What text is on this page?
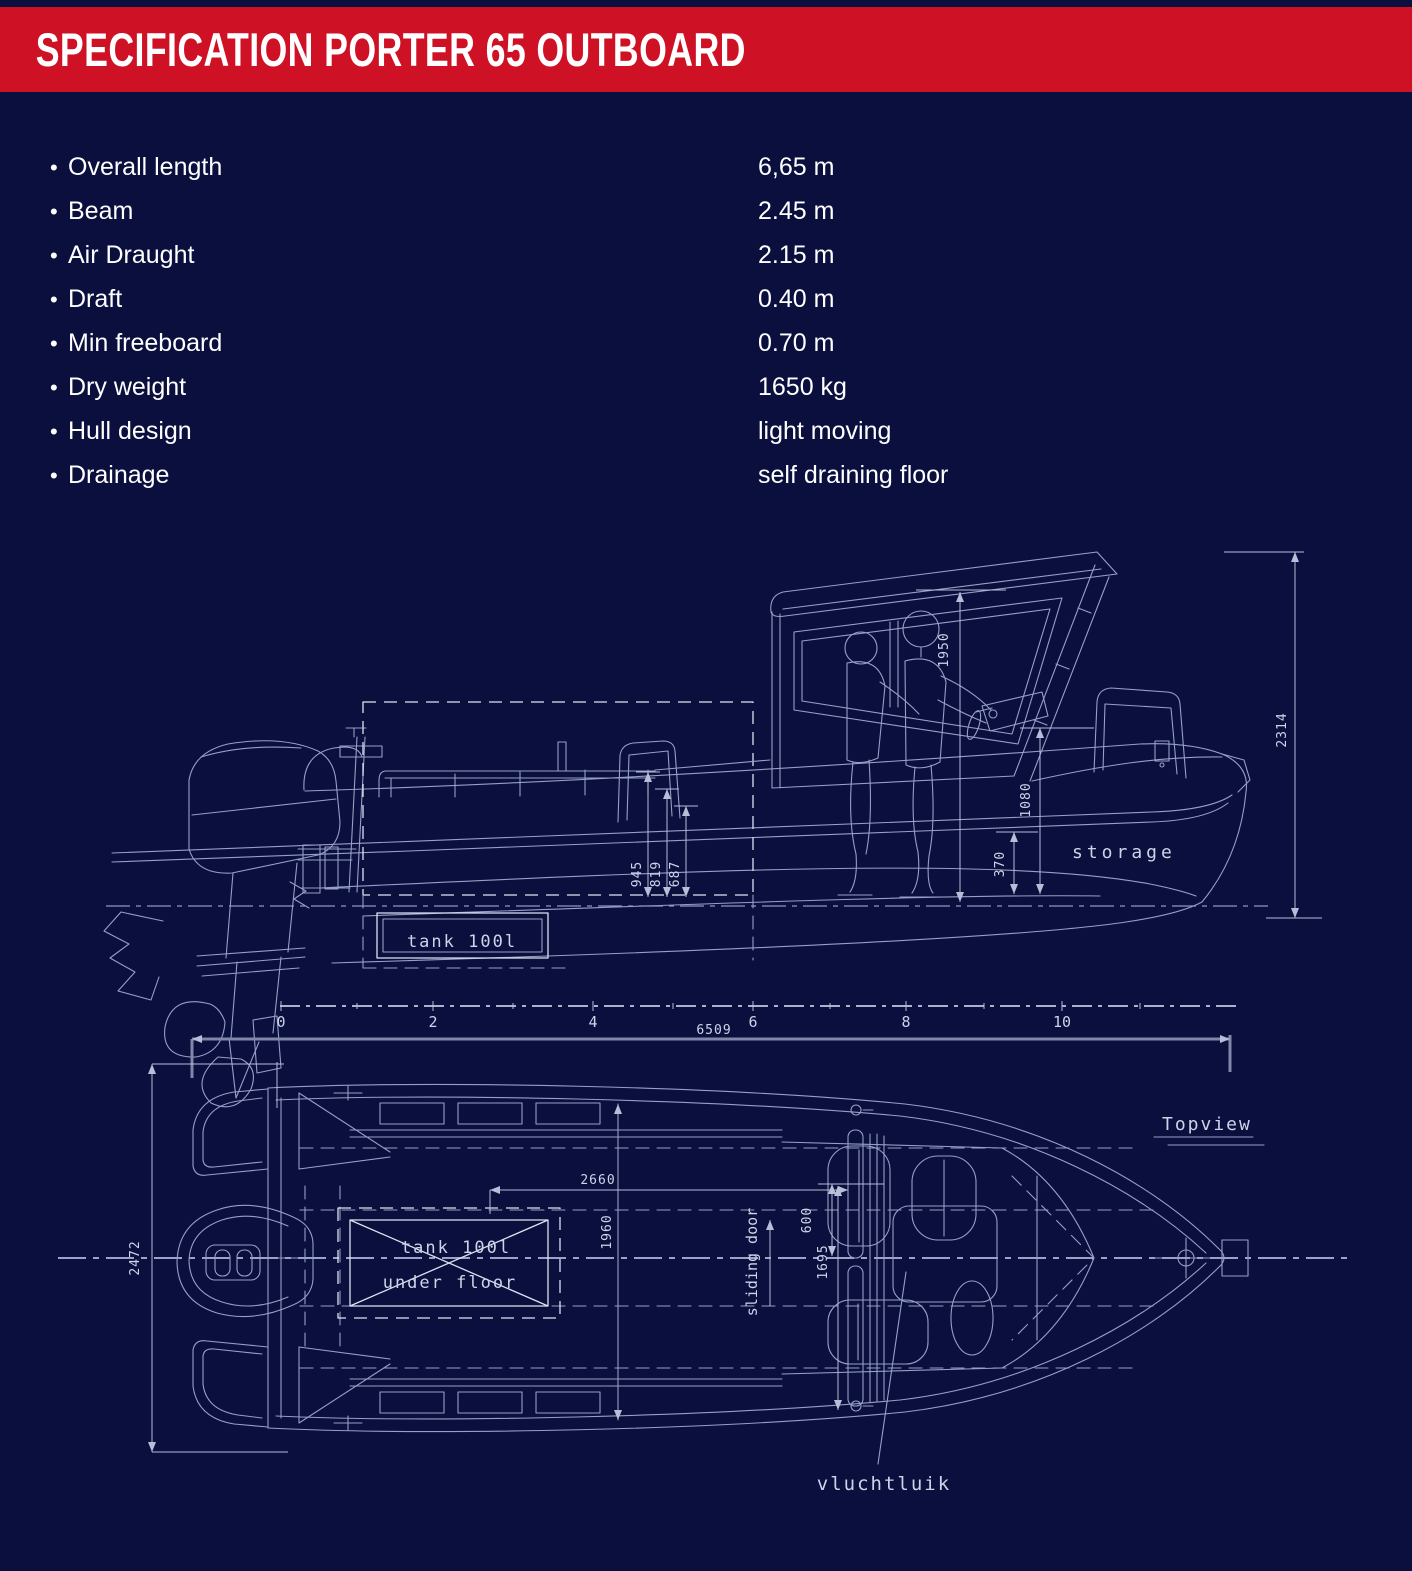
tank 100l
storage
1950
1080
370
945 819 687
2314
0	2	4	6	8	10
6509
tank 100l
under floor	sliding door
2472
2660
1960	600
1695
Topview
vluchtluik
SPECIFICATION PORTER 65 OUTBOARD
• Overall length	6,65 m
• Beam	2.45 m
• Air Draught	2.15 m
• Draft	0.40 m
• Min freeboard	0.70 m
• Dry weight	1650 kg
• Hull design	light moving
• Drainage	self draining floor
